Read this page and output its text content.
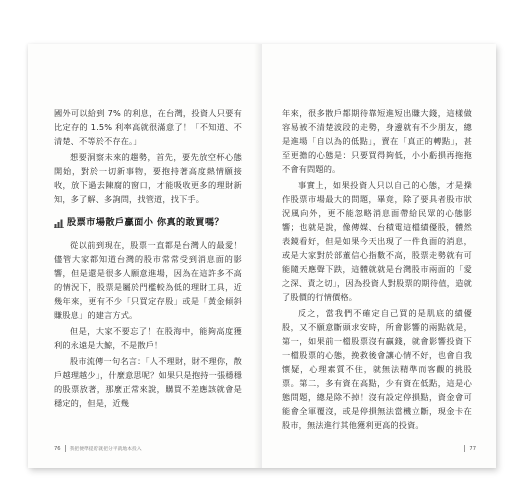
國外可以給到 7% 的利息，在台灣，投資人只要有比定存的 1.5% 利率高就很滿意了！「不知道、不清楚、不等於不存在。」

想要洞察未來的趨勢，首先，要先放空杯心態開始，對於一切新事物，要抱持著高度熱情願接收，放下過去陳腐的窗口，才能吸收更多的理財新知，多了解、多詢問，找管道，找下手。

股票市場散戶贏面小 你真的敢買嗎？

從以前到現在，股票一直都是台灣人的最愛！儘管大家都知道台灣的股市常常受到消息面的影響，但是還是很多人願意進場，因為在這許多不高的情況下，股票是屬於門檻較為低的理財工具，近幾年來，更有不少「只買定存股」或是「黃金傾斜賺股息」的建言方式。

但是，大家不要忘了！在股海中，能夠高度獲利的永遠是大鯨，不是散戶！

股市流傳一句名言：「人不理財，財不理你，散戶越理越少」，什麼意思呢？如果只是抱持一張穩穩的股票放著，那麼正常來說，購買不差應該就會是穩定的，但是，近幾

76 我把便準提貯就把分平就地本投入

年來，很多散戶都期待靠短進短出賺大錢，這樣做容易被不清楚波段的走勢，身邊就有不少朋友，總是進場「自以為的低點」，賣在「真正的轉點」，甚至更擔的心態是：只要買得夠低，小小虧損再拖拖不會有問題的。

事實上，如果投資人只以自己的心態，才是操作股票市場最大的問題，畢竟，除了要具者股市狀況風向外，更不能忽略消息面帶給民眾的心態影響；也就是說，像傳媒、台積電這檔績優股，體然表鏡看好，但是如果今天出現了一件負面的消息，或是大家對於部董信心指數不高，股票走勢就有可能隨天應聲下跌，這體就就是台灣股市兩面的「愛之深、責之切」，因為投資人對股票的期待值，造就了股價的行情價格。

反之，當我們不確定自己買的是肌底的績優股，又不願意斷頭求安時，所會影響的兩點就是，第一，如果前一檔股票沒有贏錢，就會影響投資下一檔股票的心態，挽救後會讓心情不好，也會自我懷疑，心理素質不住，就無法精準而客觀的挑股票。第二，多有資在高點，少有資在低點，這是心態問題，總是除不掉！沒有設定停損點，資金會可能會全軍覆沒，或是停損無法當機立斷，現金卡在股市，無法進行其他獲利更高的投資。

77
